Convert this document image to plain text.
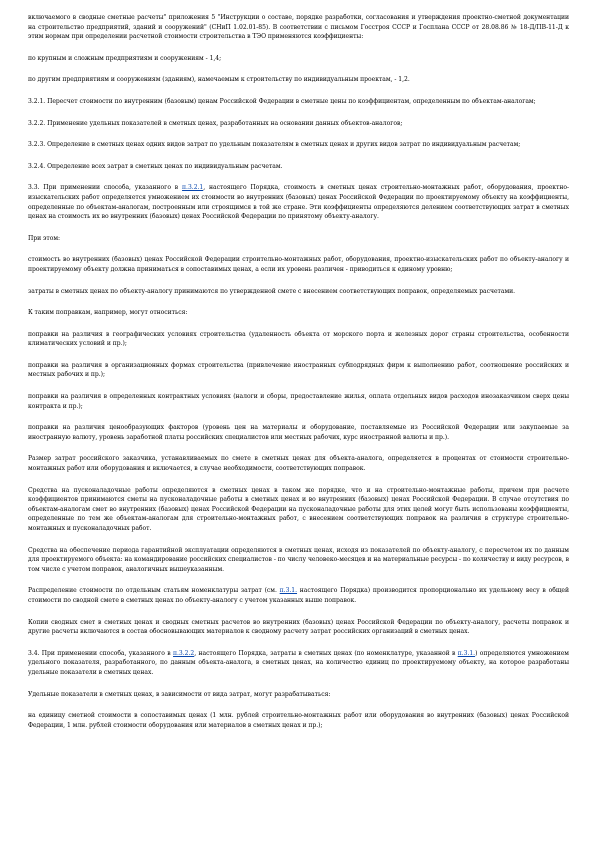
включаемого в сводные сметные расчеты" приложения 5 "Инструкции о составе, порядке разработки, согласования и утверждения проектно-сметной документации на строительство предприятий, зданий и сооружений" (СНиП 1.02.01-85). В соответствии с письмом Госстроя СССР и Госплана СССР от 28.08.86 № 18-Д/ПВ-11-Д к этим нормам при определении расчетной стоимости строительства в ТЭО применяются коэффициенты:

по крупным и сложным предприятиям и сооружениям - 1,4;

по другим предприятиям и сооружениям (зданиям), намечаемым к строительству по индивидуальным проектам, - 1,2.

3.2.1. Пересчет стоимости по внутренним (базовым) ценам Российской Федерации в сметные цены по коэффициентам, определенным по объектам-аналогам;

3.2.2. Применение удельных показателей в сметных ценах, разработанных на основании данных объектов-аналогов;

3.2.3. Определение в сметных ценах одних видов затрат по удельным показателям в сметных ценах и других видов затрат по индивидуальным расчетам;

3.2.4. Определение всех затрат в сметных ценах по индивидуальным расчетам.

3.3. При применении способа, указанного в п.3.2.1, настоящего Порядка, стоимость в сметных ценах строительно-монтажных работ, оборудования, проектно-изыскательских работ определяется умножением их стоимости во внутренних (базовых) ценах Российской Федерации по проектируемому объекту на коэффициенты, определенные по объектам-аналогам, построенным или строящимся в той же стране. Эти коэффициенты определяются делением соответствующих затрат в сметных ценах на стоимость их во внутренних (базовых) ценах Российской Федерации по принятому объекту-аналогу.

При этом:

стоимость во внутренних (базовых) ценах Российской Федерации строительно-монтажных работ, оборудования, проектно-изыскательских работ по объекту-аналогу и проектируемому объекту должна приниматься в сопоставимых ценах, а если их уровень различен - приводиться к единому уровню;

затраты в сметных ценах по объекту-аналогу принимаются по утвержденной смете с внесением соответствующих поправок, определяемых расчетами.

К таким поправкам, например, могут относиться:

поправки на различия в географических условиях строительства (удаленность объекта от морского порта и железных дорог страны строительства, особенности климатических условий и пр.);

поправки на различия в организационных формах строительства (привлечение иностранных субподрядных фирм к выполнению работ, соотношение российских и местных рабочих и пр.);

поправки на различия в определенных контрактных условиях (налоги и сборы, предоставление жилья, оплата отдельных видов расходов инозаказчиком сверх цены контракта и пр.);

поправки на различия ценообразующих факторов (уровень цен на материалы и оборудование, поставляемые из Российской Федерации или закупаемые за иностранную валюту, уровень заработной платы российских специалистов или местных рабочих, курс иностранной валюты и пр.).

Размер затрат российского заказчика, устанавливаемых по смете в сметных ценах для объекта-аналога, определяется в процентах от стоимости строительно-монтажных работ или оборудования и включается, в случае необходимости, соответствующих поправок.

Средства на пусконаладочные работы определяются в сметных ценах в таком же порядке, что и на строительно-монтажные работы, причем при расчете коэффициентов принимаются сметы на пусконаладочные работы в сметных ценах и во внутренних (базовых) ценах Российской Федерации. В случае отсутствия по объектам-аналогам смет во внутренних (базовых) ценах Российской Федерации на пусконаладочные работы для этих целей могут быть использованы коэффициенты, определенные по тем же объектам-аналогам для строительно-монтажных работ, с внесением соответствующих поправок на различия в структуре строительно-монтажных и пусконаладочных работ.

Средства на обеспечение периода гарантийной эксплуатации определяются в сметных ценах, исходя из показателей по объекту-аналогу, с пересчетом их по данным для проектируемого объекта: на командирование российских специалистов - по числу человеко-месяцев и на материальные ресурсы - по количеству и виду ресурсов, в том числе с учетом поправок, аналогичных вышеуказанным.

Распределение стоимости по отдельным статьям номенклатуры затрат (см. п.3.1. настоящего Порядка) производится пропорционально их удельному весу в общей стоимости по сводной смете в сметных ценах по объекту-аналогу с учетом указанных выше поправок.

Копии сводных смет в сметных ценах и сводных сметных расчетов во внутренних (базовых) ценах Российской Федерации по объекту-аналогу, расчеты поправок и другие расчеты включаются в состав обосновывающих материалов к сводному расчету затрат российских организаций в сметных ценах.

3.4. При применении способа, указанного в п.3.2.2, настоящего Порядка, затраты в сметных ценах (по номенклатуре, указанной в п.3.1.) определяются умножением удельного показателя, разработанного, по данным объекта-аналога, в сметных ценах, на количество единиц по проектируемому объекту, на которое разработаны удельные показатели в сметных ценах.

Удельные показатели в сметных ценах, в зависимости от вида затрат, могут разрабатываться:

на единицу сметной стоимости в сопоставимых ценах (1 млн. рублей строительно-монтажных работ или оборудования во внутренних (базовых) ценах Российской Федерации, 1 млн. рублей стоимости оборудования или материалов в сметных ценах и пр.);
